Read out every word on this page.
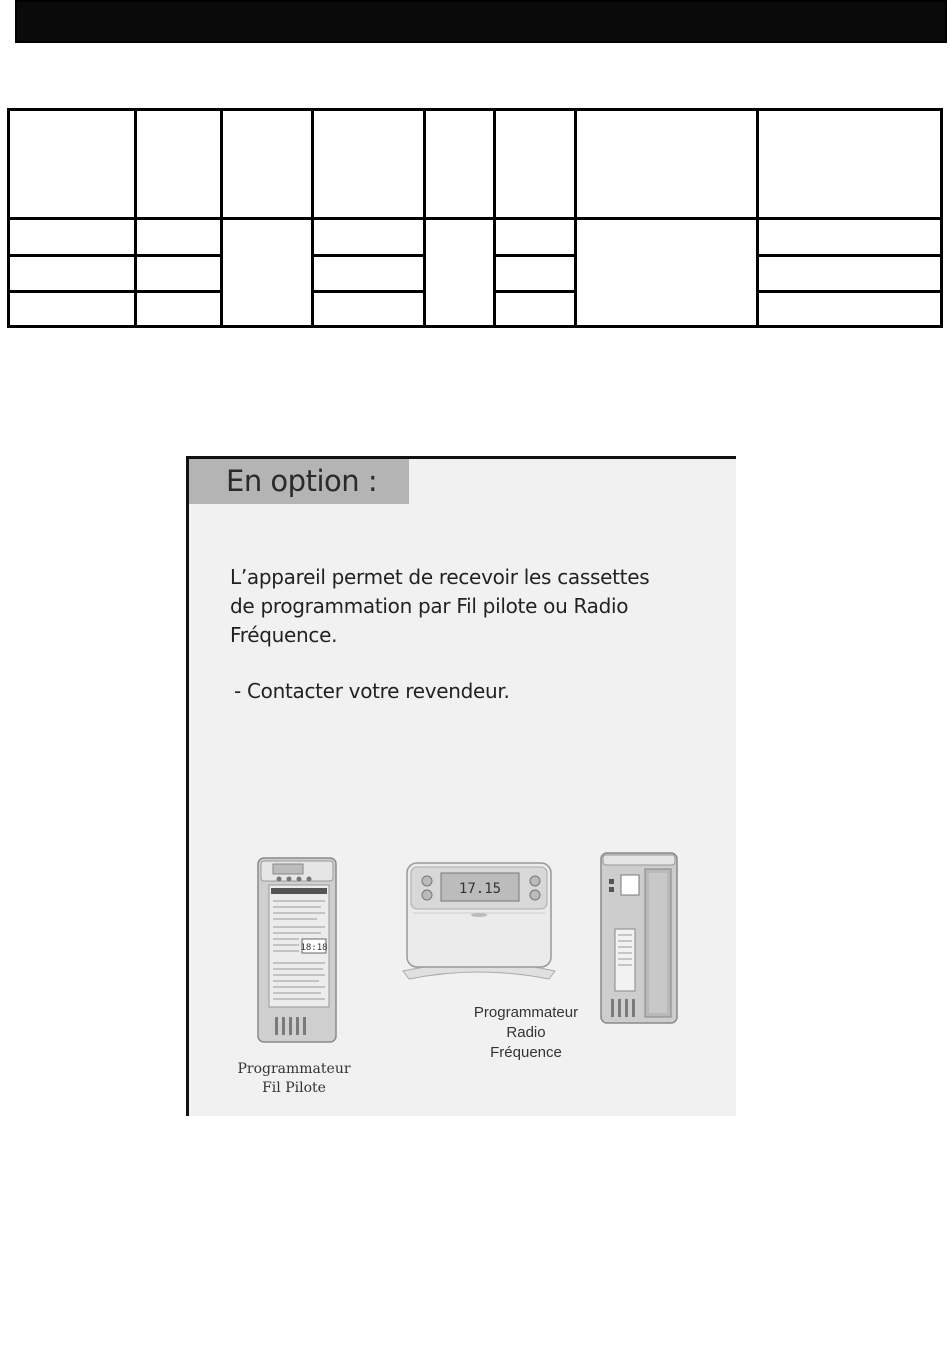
En option :
L’appareil permet de recevoir les cassettes
de programmation par Fil pilote ou Radio
Fréquence.
- Contacter votre revendeur.
18:18
17.15
Programmateur
Fil Pilote
Programmateur
Radio
Fréquence
